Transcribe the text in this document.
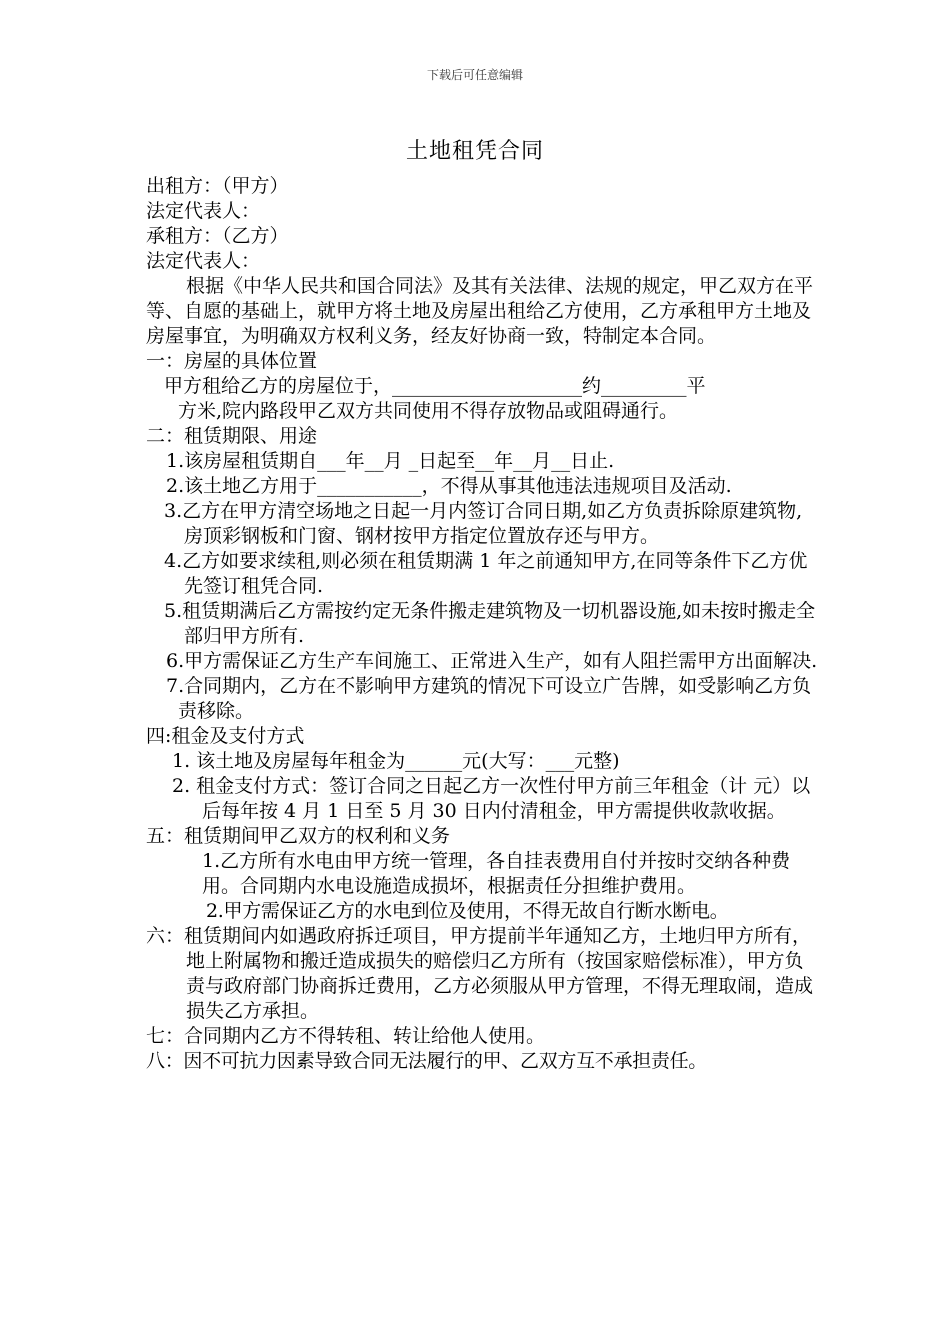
下载后可任意编辑
土地租凭合同
出租方：（甲方）
法定代表人：
承租方：（乙方）
法定代表人：
根据《中华人民共和国合同法》及其有关法律、法规的规定，甲乙双方在平等、自愿的基础上，就甲方将土地及房屋出租给乙方使用，乙方承租甲方土地及房屋事宜，为明确双方权利义务，经友好协商一致，特制定本合同。
一：房屋的具体位置
甲方租给乙方的房屋位于，____________________约_________平
方米,院内路段甲乙双方共同使用不得存放物品或阻碍通行。
二：租赁期限、用途
1.该房屋租赁期自___年__月 _日起至__年__月__日止.
2.该土地乙方用于___________，不得从事其他违法违规项目及活动.
3.乙方在甲方清空场地之日起一月内签订合同日期,如乙方负责拆除原建筑物,房顶彩钢板和门窗、钢材按甲方指定位置放存还与甲方。
4.乙方如要求续租,则必须在租赁期满 1 年之前通知甲方,在同等条件下乙方优先签订租凭合同.
5.租赁期满后乙方需按约定无条件搬走建筑物及一切机器设施,如未按时搬走全部归甲方所有.
6.甲方需保证乙方生产车间施工、正常进入生产，如有人阻拦需甲方出面解决.
7.合同期内，乙方在不影响甲方建筑的情况下可设立广告牌，如受影响乙方负责移除。
四:租金及支付方式
1. 该土地及房屋每年租金为______元(大写：___元整)
2. 租金支付方式：签订合同之日起乙方一次性付甲方前三年租金（计 元）以后每年按 4 月 1 日至 5 月 30 日内付清租金，甲方需提供收款收据。
五：租赁期间甲乙双方的权利和义务
1.乙方所有水电由甲方统一管理，各自挂表费用自付并按时交纳各种费用。合同期内水电设施造成损坏，根据责任分担维护费用。
2.甲方需保证乙方的水电到位及使用，不得无故自行断水断电。
六：租赁期间内如遇政府拆迁项目，甲方提前半年通知乙方，土地归甲方所有，地上附属物和搬迁造成损失的赔偿归乙方所有（按国家赔偿标准），甲方负责与政府部门协商拆迁费用，乙方必须服从甲方管理，不得无理取闹，造成损失乙方承担。
七：合同期内乙方不得转租、转让给他人使用。
八：因不可抗力因素导致合同无法履行的甲、乙双方互不承担责任。
